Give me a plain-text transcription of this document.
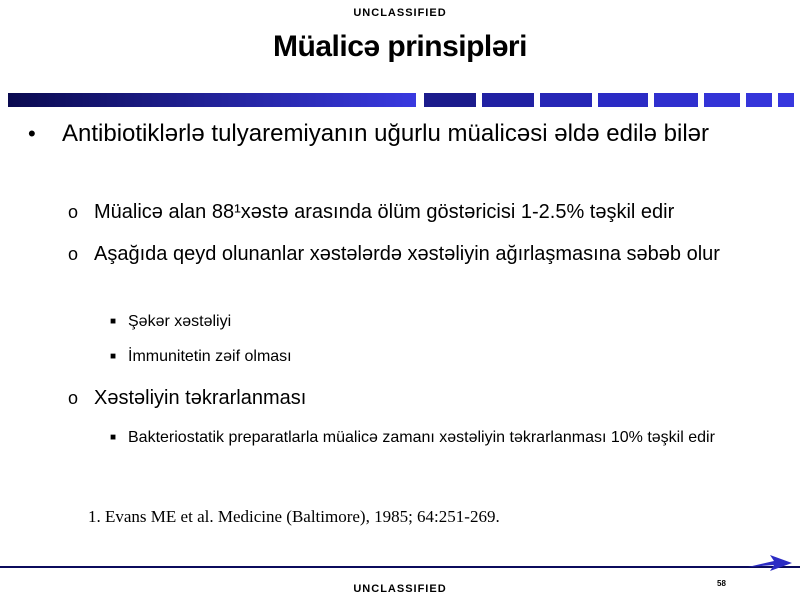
UNCLASSIFIED
Müalicǝ prinsiplǝri
•	Antibiotiklǝrlǝ tulyaremiyanın uğurlu müalicǝsi ǝldǝ edilǝ bilǝr
o Müalicǝ alan 88¹xǝstǝ arasında ölüm göstǝricisi 1-2.5% tǝşkil edir
o Aşağıda qeyd olunanlar xǝstǝlǝrdǝ xǝstǝliyin ağırlaşmasına sǝbǝb olur
■ Şǝkǝr xǝstǝliyi
■ İmmunitetin zǝif olması
o Xǝstǝliyin tǝkrarlanması
■ Bakteriostatik preparatlarla müalicǝ zamanı xǝstǝliyin tǝkrarlanması 10% tǝşkil edir
1. Evans ME et al. Medicine (Baltimore), 1985; 64:251-269.
UNCLASSIFIED	58
